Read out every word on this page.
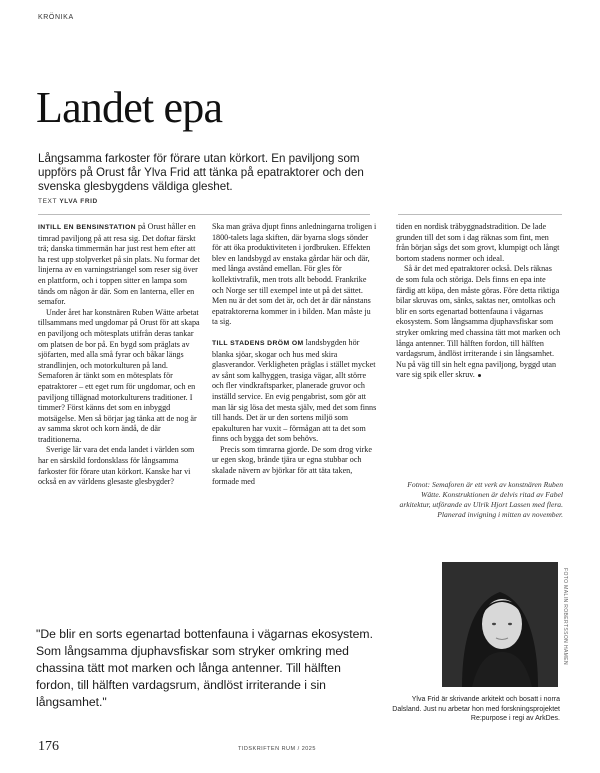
KRÖNIKA
Landet epa
Långsamma farkoster för förare utan körkort. En paviljong som uppförs på Orust får Ylva Frid att tänka på epatraktorer och den svenska glesbygdens väldiga gleshet.
TEXT YLVA FRID

INTILL EN BENSINSTATION på Orust håller en timrad paviljong på att resa sig. Det doftar färskt trä; danska timmermän har just rest hem efter att ha rest upp stolpverket på sin plats. Nu formar det linjerna av en varningstriangel som reser sig över en plattform, och i toppen sitter en lampa som tänds om någon är där. Som en lanterna, eller en semafor.

Under året har konstnären Ruben Wätte arbetat tillsammans med ungdomar på Orust för att skapa en paviljong och mötesplats utifrån deras tankar om platsen de bor på. En bygd som präglats av sjöfarten, med alla små fyrar och båkar längs strandlinjen, och motorkulturen på land. Semaforen är tänkt som en mötesplats för epatraktorer – ett eget rum för ungdomar, och en paviljong tillägnad motorkulturens traditioner. I timmer? Först känns det som en inbyggd motsägelse. Men så börjar jag tänka att de nog är av samma skrot och korn ändå, de där traditionerna.

Sverige lär vara det enda landet i världen som har en särskild fordonsklass för långsamma farkoster för förare utan körkort. Kanske har vi också en av världens glesaste glesbygder?

Ska man gräva djupt finns anledningarna troligen i 1800-talets laga skiften, där byarna slogs sönder för att öka produktiviteten i jordbruken. Effekten blev en landsbygd av enstaka gårdar här och där, med långa avstånd emellan. För gles för kollektivtrafik, men trots allt bebodd. Frankrike och Norge ser till exempel inte ut på det sättet. Men nu är det som det är, och det är där nånstans epatraktorerna kommer in i bilden. Man måste ju ta sig.

TILL STADENS DRÖM OM landsbygden hör blanka sjöar, skogar och hus med skira glasverandor. Verkligheten präglas i stället mycket av sånt som kalhyggen, trasiga vägar, allt större och fler vindkraftsparker, planerade gruvor och inställd service. En evig pengabrist, som gör att man lär sig lösa det mesta själv, med det som finns till hands. Det är ur den sortens miljö som epakulturen har vuxit – förmågan att ta det som finns och bygga det som behövs.

Precis som timrarna gjorde. De som drog virke ur egen skog, brände tjära ur egna stubbar och skalade nävern av björkar för att täta taken, formade med

tiden en nordisk träbyggnadstradition. De lade grunden till det som i dag räknas som fint, men från början sågs det som grovt, klumpigt och långt bortom stadens normer och ideal.

Så är det med epatraktorer också. Dels räknas de som fula och störiga. Dels finns en epa inte färdig att köpa, den måste göras. Före detta riktiga bilar skruvas om, sänks, saktas ner, omtolkas och blir en sorts egenartad bottenfauna i vägarnas ekosystem. Som långsamma djuphavsfiskar som stryker omkring med chassina tätt mot marken och långa antenner. Till hälften fordon, till hälften vardagsrum, ändlöst irriterande i sin långsamhet. Nu på väg till sin helt egna paviljong, byggd utan vare sig spik eller skruv.

Fotnot: Semaforen är ett verk av konstnären Ruben Wätte. Konstruktionen är delvis ritad av Fabel arkitektur, utförande av Ulrik Hjort Lassen med flera. Planerad invigning i mitten av november.
FOTO MALIN ROBERTSSON HAMEN
Ylva Frid är skrivande arkitekt och bosatt i norra Dalsland. Just nu arbetar hon med forskningsprojektet Re:purpose i regi av ArkDes.
"De blir en sorts egenartad bottenfauna i vägarnas ekosystem. Som långsamma djuphavsfiskar som stryker omkring med chassina tätt mot marken och långa antenner. Till hälften fordon, till hälften vardagsrum, ändlöst irriterande i sin långsamhet."
176	TIDSKRIFTEN RUM / 2025
